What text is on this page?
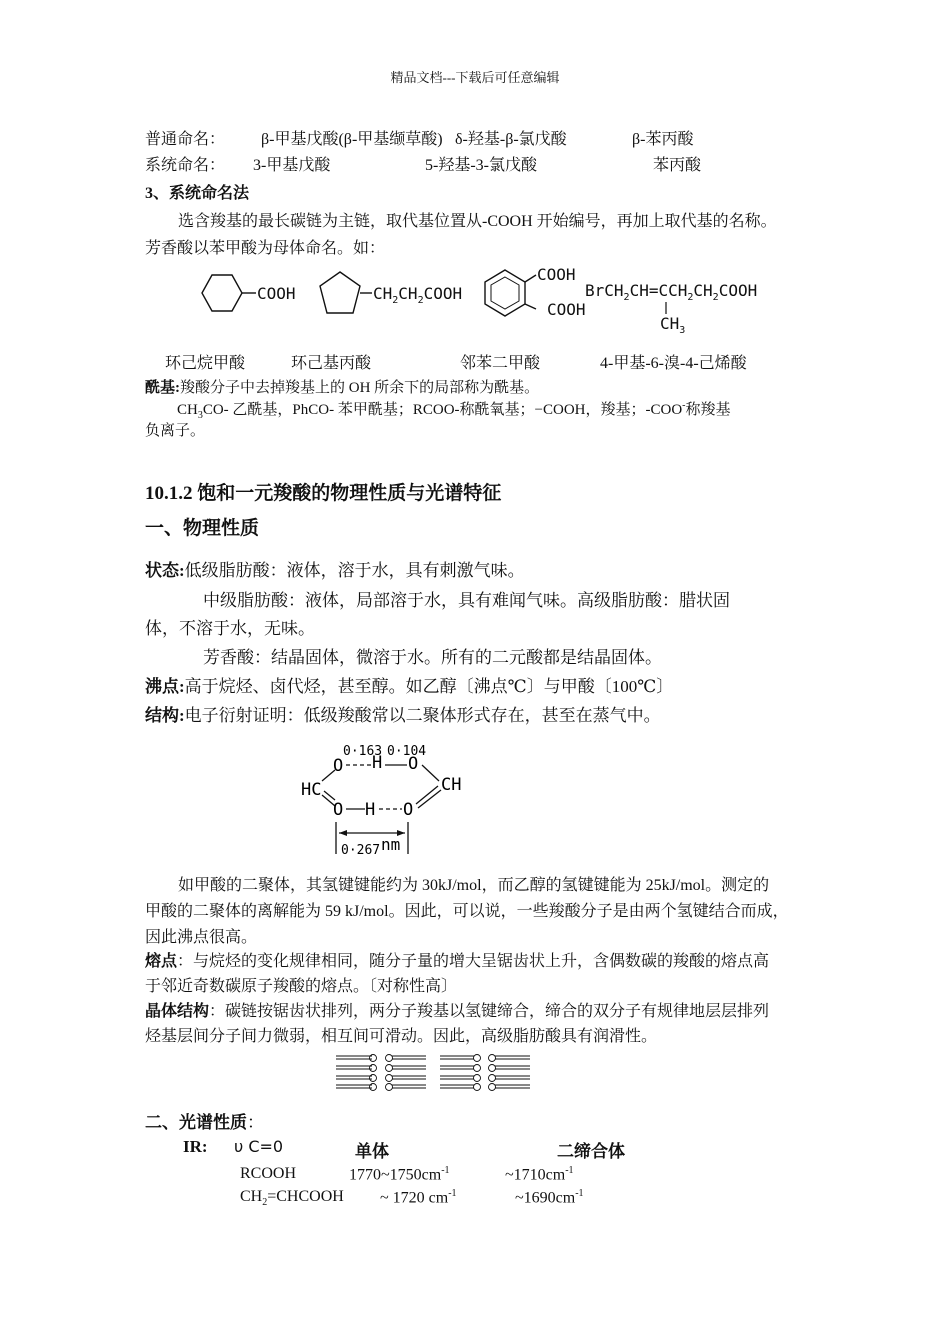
精品文档---下载后可任意编辑
普通命名： β-甲基戊酸(β-甲基缬草酸) δ-羟基-β-氯戊酸	β-苯丙酸
系统命名： 3-甲基戊酸	5-羟基-3-氯戊酸	苯丙酸
3、系统命名法
选含羧基的最长碳链为主链，取代基位置从-COOH 开始编号，再加上取代基的名称。
芳香酸以苯甲酸为母体命名。如：
COOH	$CH_2CH_2COOH$
COOH
COOH
$BrCH_2CH=CCH_2CH_2COOH$
$CH_3$
环己烷甲酸	环己基丙酸	邻苯二甲酸	4-甲基-6-溴-4-己烯酸
酰基:羧酸分子中去掉羧基上的 OH 所余下的局部称为酰基。
$CH_3CO-$ 乙酰基，PhCO- 苯甲酰基；RCOO-称酰氧基；−COOH，羧基；-COO-称羧基
负离子。
10.1.2 饱和一元羧酸的物理性质与光谱特征
一、物理性质
状态:低级脂肪酸：液体，溶于水，具有刺激气味。
中级脂肪酸：液体，局部溶于水，具有难闻气味。高级脂肪酸：腊状固
体，不溶于水，无味。
芳香酸：结晶固体，微溶于水。所有的二元酸都是结晶固体。
沸点:高于烷烃、卤代烃，甚至醇。如乙醇〔沸点℃〕与甲酸〔100℃〕
结构:电子衍射证明：低级羧酸常以二聚体形式存在，甚至在蒸气中。
0·163 0·104
O H O
HC	CH
O H O
0·267 nm
如甲酸的二聚体，其氢键键能约为 30kJ/mol，而乙醇的氢键键能为 25kJ/mol。测定的
甲酸的二聚体的离解能为 59 kJ/mol。因此，可以说，一些羧酸分子是由两个氢键结合而成，
因此沸点很高。
熔点：与烷烃的变化规律相同，随分子量的增大呈锯齿状上升，含偶数碳的羧酸的熔点高
于邻近奇数碳原子羧酸的熔点。〔对称性高〕
晶体结构：碳链按锯齿状排列，两分子羧基以氢键缔合，缔合的双分子有规律地层层排列
烃基层间分子间力微弱，相互间可滑动。因此，高级脂肪酸具有润滑性。
二、光谱性质：
IR: υ C=0	单体	二缔合体
RCOOH	$1770\sim 1750cm^{-1}$	$\sim 1710cm^{-1}$
$CH_2=CHCOOH$ ~ 1720 $cm^{-1}$	$\sim 1690cm^{-1}$
